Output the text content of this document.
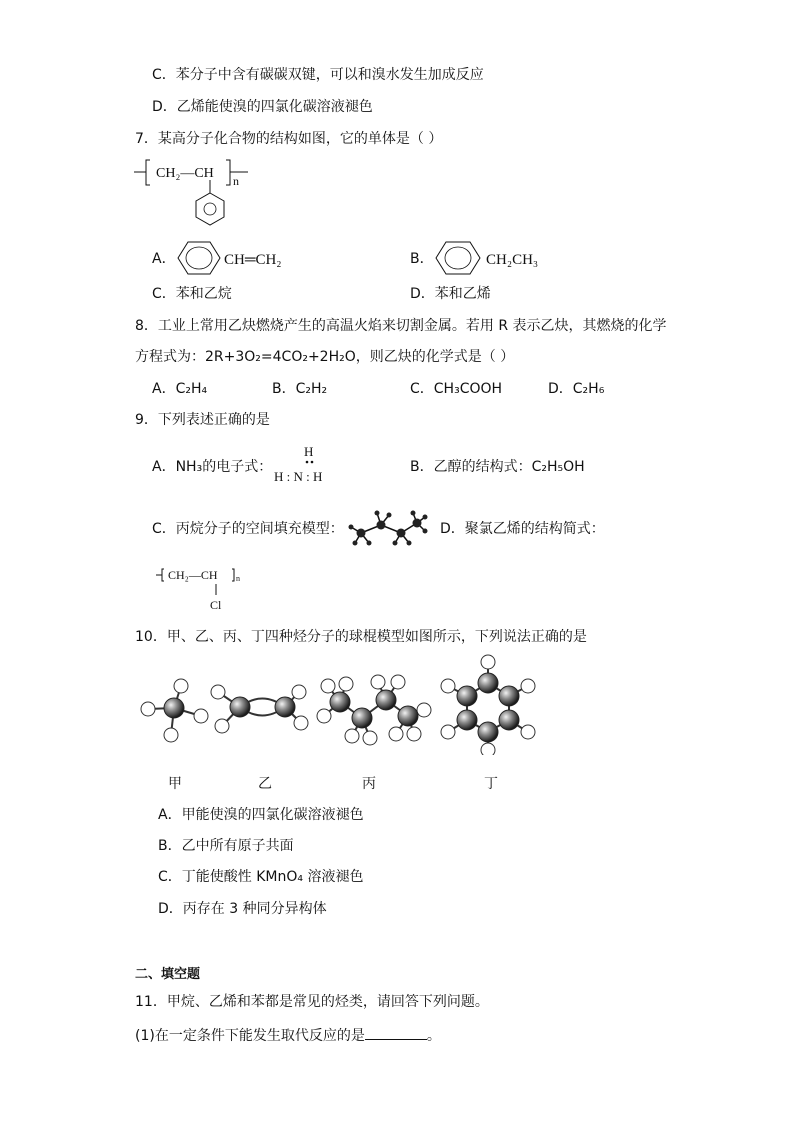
C．苯分子中含有碳碳双键，可以和溴水发生加成反应
D．乙烯能使溴的四氯化碳溶液褪色
7．某高分子化合物的结构如图，它的单体是（ ）
CH₂—CH n
A．	CH═CH₂	B．	CH₂CH₃
C．苯和乙烷	D．苯和乙烯
8．工业上常用乙炔燃烧产生的高温火焰来切割金属。若用 R 表示乙炔，其燃烧的化学
方程式为：2R+3O₂=4CO₂+2H₂O，则乙炔的化学式是（ ）
A．C₂H₄	B．C₂H₂	C．CH₃COOH	D．C₂H₆
9．下列表述正确的是
A．NH₃的电子式：
H
H : N : H
B．乙醇的结构式：C₂H₅OH
C．丙烷分子的空间填充模型：	D．聚氯乙烯的结构简式：
CH₂—CH n
Cl
10．甲、乙、丙、丁四种烃分子的球棍模型如图所示，下列说法正确的是
甲	乙	丙	丁
A．甲能使溴的四氯化碳溶液褪色
B．乙中所有原子共面
C．丁能使酸性 KMnO₄ 溶液褪色
D．丙存在 3 种同分异构体
二、填空题
11．甲烷、乙烯和苯都是常见的烃类，请回答下列问题。
(1)在一定条件下能发生取代反应的是	。
